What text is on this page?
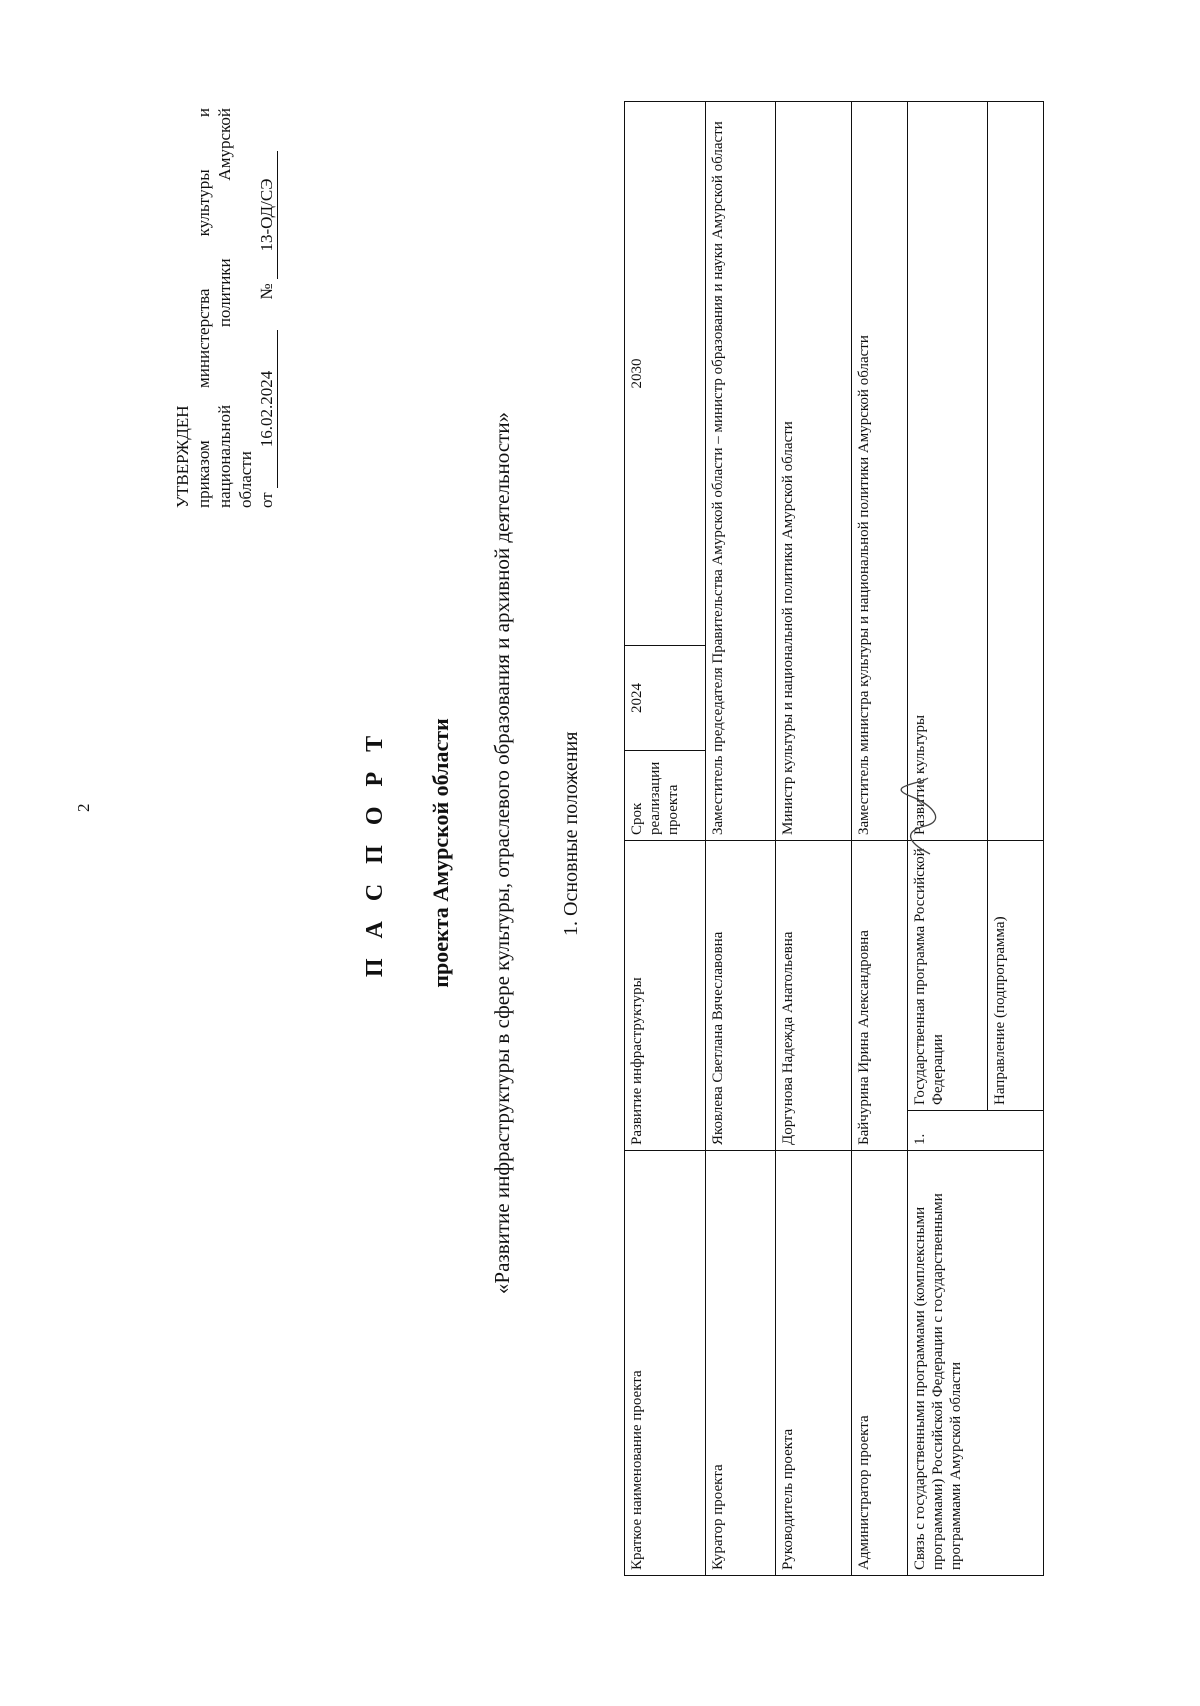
2
УТВЕРЖДЕН приказом министерства культуры и национальной политики Амурской области от 16.02.2024  № 13-ОД/СЭ
П А С П О Р Т проекта Амурской области «Развитие инфраструктуры в сфере культуры, отраслевого образования и архивной деятельности» 1. Основные положения
Краткое наименование проекта	Развитие инфраструктуры		Срок реализации проекта	2024	2030
Куратор проекта	Яковлева Светлана Вячеславовна		Заместитель председателя Правительства Амурской области – министр образования и науки Амурской области		
Руководитель проекта	Доргунова Надежда Анатольевна		Министр культуры и национальной политики Амурской области		
Администратор проекта	Байчурина Ирина Александровна		Заместитель министра культуры и национальной политики Амурской области		
Связь с государственными программами (комплексными программами) Российской Федерации с государственными программами Амурской области	1.	Государственная программа Российской Федерации	Развитие культуры		
		Направление (подпрограмма)			
